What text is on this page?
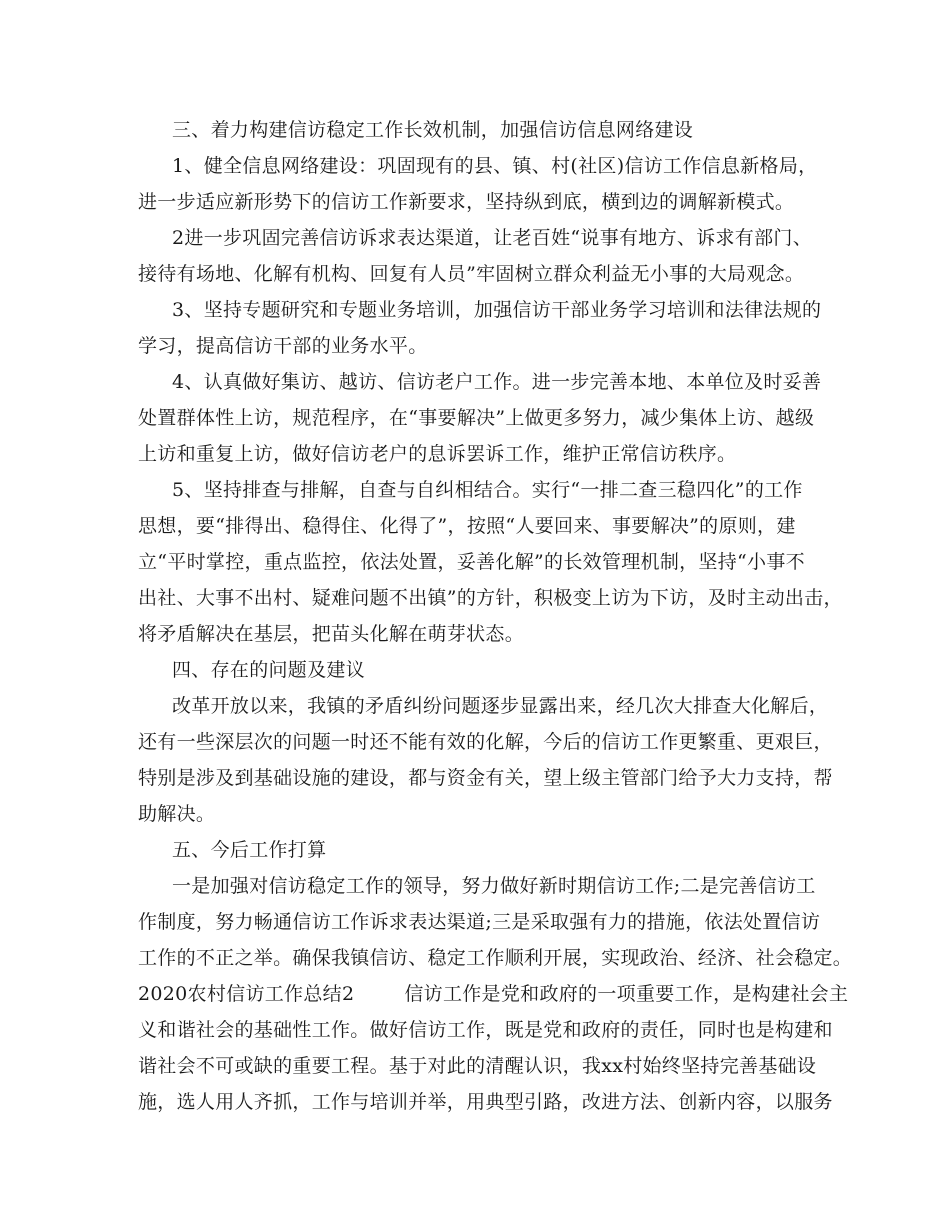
三、着力构建信访稳定工作长效机制，加强信访信息网络建设
1、健全信息网络建设：巩固现有的县、镇、村(社区)信访工作信息新格局，
进一步适应新形势下的信访工作新要求，坚持纵到底，横到边的调解新模式。
2进一步巩固完善信访诉求表达渠道，让老百姓“说事有地方、诉求有部门、
接待有场地、化解有机构、回复有人员”牢固树立群众利益无小事的大局观念。
3、坚持专题研究和专题业务培训，加强信访干部业务学习培训和法律法规的
学习，提高信访干部的业务水平。
4、认真做好集访、越访、信访老户工作。进一步完善本地、本单位及时妥善
处置群体性上访，规范程序，在“事要解决”上做更多努力，减少集体上访、越级
上访和重复上访，做好信访老户的息诉罢诉工作，维护正常信访秩序。
5、坚持排查与排解，自查与自纠相结合。实行“一排二查三稳四化”的工作
思想，要“排得出、稳得住、化得了”，按照“人要回来、事要解决”的原则，建
立“平时掌控，重点监控，依法处置，妥善化解”的长效管理机制，坚持“小事不
出社、大事不出村、疑难问题不出镇”的方针，积极变上访为下访，及时主动出击，
将矛盾解决在基层，把苗头化解在萌芽状态。
四、存在的问题及建议
改革开放以来，我镇的矛盾纠纷问题逐步显露出来，经几次大排查大化解后，
还有一些深层次的问题一时还不能有效的化解，今后的信访工作更繁重、更艰巨，
特别是涉及到基础设施的建设，都与资金有关，望上级主管部门给予大力支持，帮
助解决。
五、今后工作打算
一是加强对信访稳定工作的领导，努力做好新时期信访工作;二是完善信访工
作制度，努力畅通信访工作诉求表达渠道;三是采取强有力的措施，依法处置信访
工作的不正之举。确保我镇信访、稳定工作顺利开展，实现政治、经济、社会稳定。
2020农村信访工作总结2	信访工作是党和政府的一项重要工作，是构建社会主
义和谐社会的基础性工作。做好信访工作，既是党和政府的责任，同时也是构建和
谐社会不可或缺的重要工程。基于对此的清醒认识，我xx村始终坚持完善基础设
施，选人用人齐抓，工作与培训并举，用典型引路，改进方法、创新内容，以服务
